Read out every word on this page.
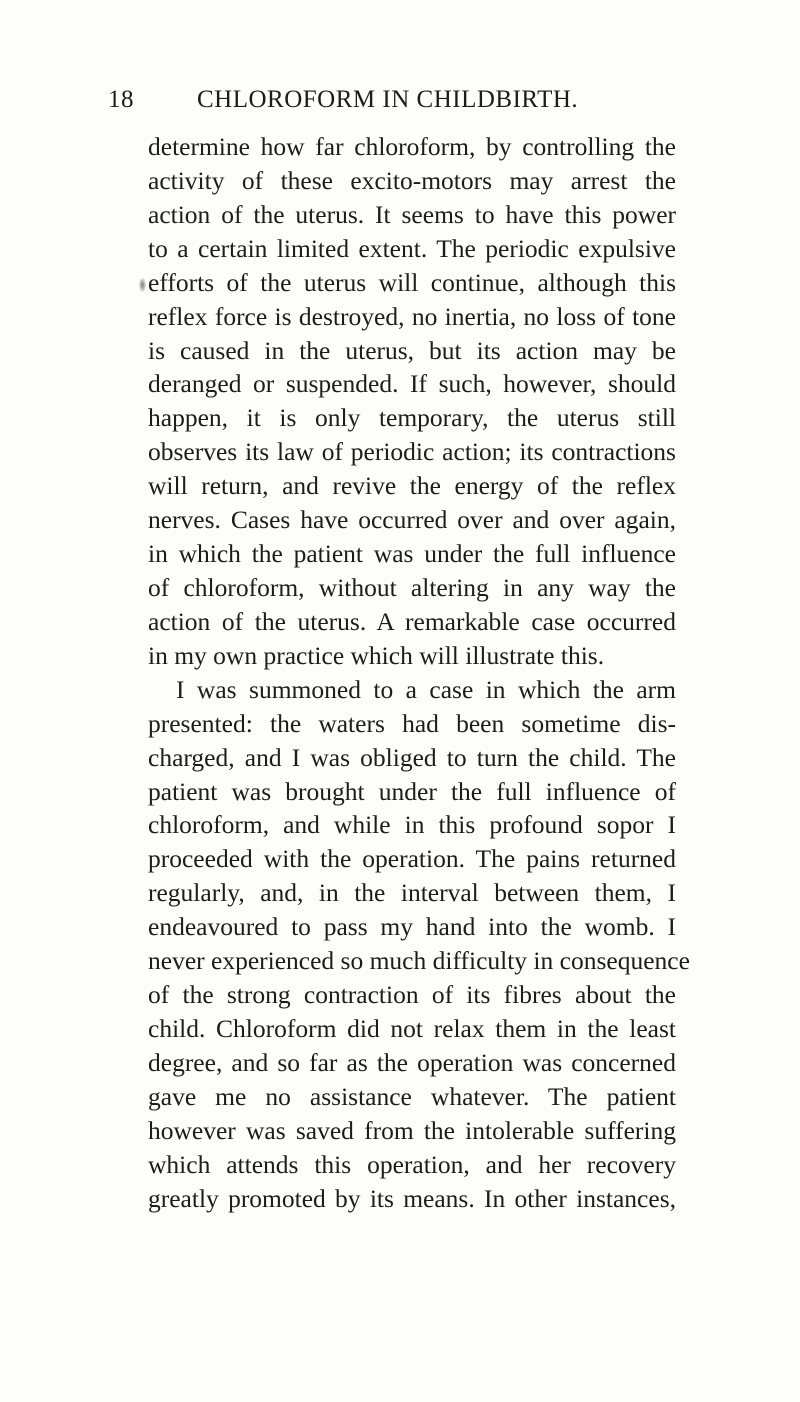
18	CHLOROFORM IN CHILDBIRTH.
determine how far chloroform, by controlling the
activity of these excito-motors may arrest the
action of the uterus. It seems to have this power
to a certain limited extent. The periodic expulsive
efforts of the uterus will continue, although this
reflex force is destroyed, no inertia, no loss of tone
is caused in the uterus, but its action may be
deranged or suspended. If such, however, should
happen, it is only temporary, the uterus still
observes its law of periodic action; its contractions
will return, and revive the energy of the reflex
nerves. Cases have occurred over and over again,
in which the patient was under the full influence
of chloroform, without altering in any way the
action of the uterus. A remarkable case occurred
in my own practice which will illustrate this.
I was summoned to a case in which the arm
presented: the waters had been sometime dis-
charged, and I was obliged to turn the child. The
patient was brought under the full influence of
chloroform, and while in this profound sopor I
proceeded with the operation. The pains returned
regularly, and, in the interval between them, I
endeavoured to pass my hand into the womb. I
never experienced so much difficulty in consequence
of the strong contraction of its fibres about the
child. Chloroform did not relax them in the least
degree, and so far as the operation was concerned
gave me no assistance whatever. The patient
however was saved from the intolerable suffering
which attends this operation, and her recovery
greatly promoted by its means. In other instances,
